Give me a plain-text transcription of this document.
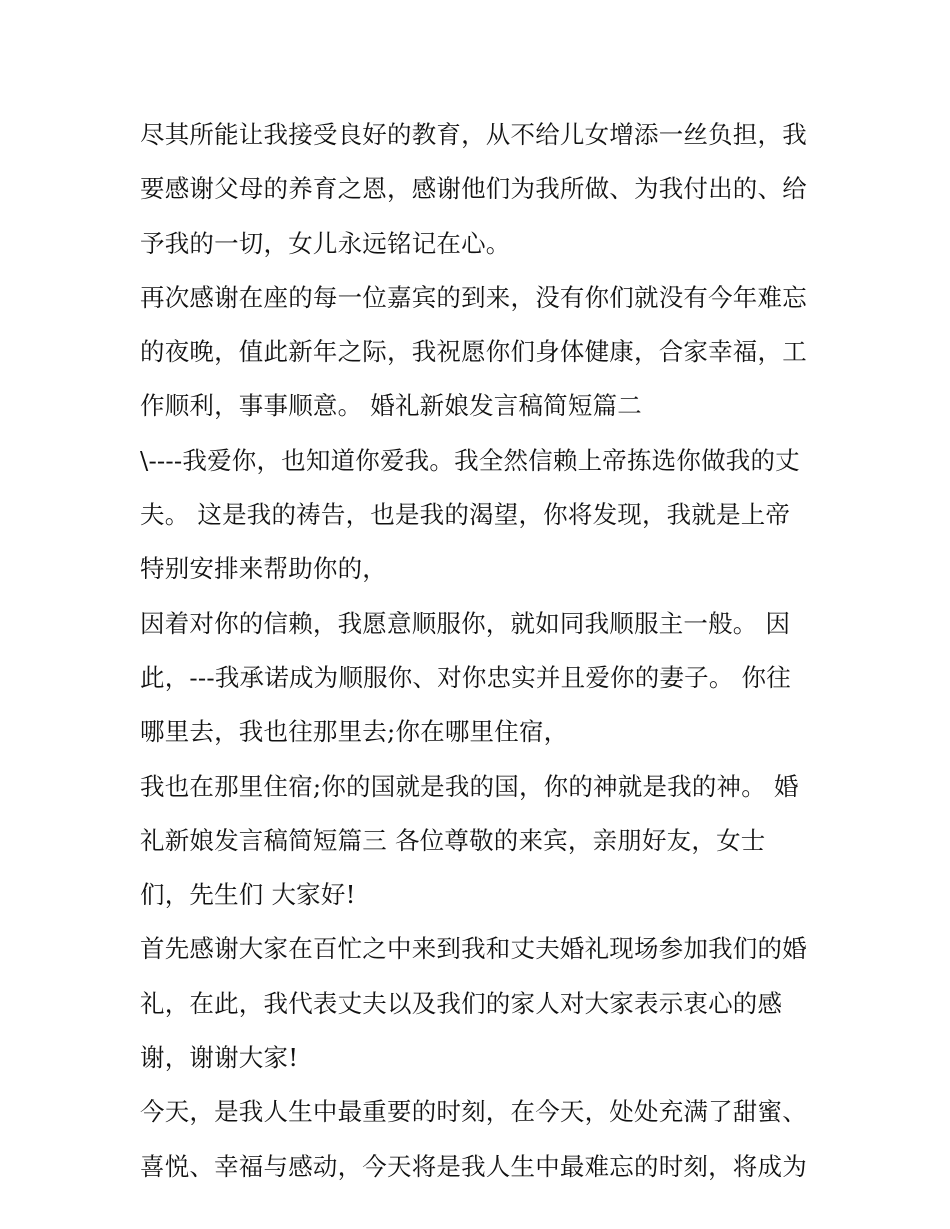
尽其所能让我接受良好的教育，从不给儿女增添一丝负担，我
要感谢父母的养育之恩，感谢他们为我所做、为我付出的、给
予我的一切，女儿永远铭记在心。
再次感谢在座的每一位嘉宾的到来，没有你们就没有今年难忘
的夜晚，值此新年之际，我祝愿你们身体健康，合家幸福，工
作顺利，事事顺意。 婚礼新娘发言稿简短篇二
\----我爱你，也知道你爱我。我全然信赖上帝拣选你做我的丈
夫。 这是我的祷告，也是我的渴望，你将发现，我就是上帝
特别安排来帮助你的，
因着对你的信赖，我愿意顺服你，就如同我顺服主一般。 因
此，---我承诺成为顺服你、对你忠实并且爱你的妻子。 你往
哪里去，我也往那里去;你在哪里住宿，
我也在那里住宿;你的国就是我的国，你的神就是我的神。 婚
礼新娘发言稿简短篇三 各位尊敬的来宾，亲朋好友，女士
们，先生们 大家好!
首先感谢大家在百忙之中来到我和丈夫婚礼现场参加我们的婚
礼，在此，我代表丈夫以及我们的家人对大家表示衷心的感
谢，谢谢大家!
今天，是我人生中最重要的时刻，在今天，处处充满了甜蜜、
喜悦、幸福与感动，今天将是我人生中最难忘的时刻，将成为
